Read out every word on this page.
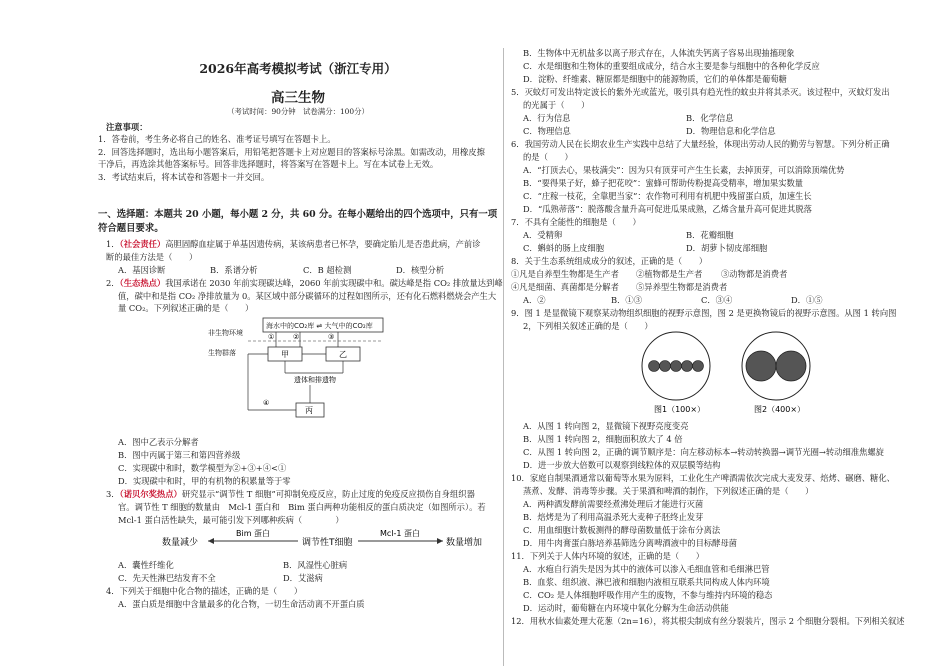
2026年高考模拟考试（浙江专用）
高三生物
（考试时间：90分钟　试卷满分：100分）
注意事项：
1．答卷前，考生务必将自己的姓名、准考证号填写在答题卡上。
2．回答选择题时，选出每小题答案后，用铅笔把答题卡上对应题目的答案标号涂黑。如需改动，用橡皮擦
干净后，再选涂其他答案标号。回答非选择题时，将答案写在答题卡上。写在本试卷上无效。
3．考试结束后，将本试卷和答题卡一并交回。
一、选择题：本题共 20 小题，每小题 2 分，共 60 分。在每小题给出的四个选项中，只有一项
符合题目要求。
1．（社会责任）高胆固醇血症属于单基因遗传病，某该病患者已怀孕，要确定胎儿是否患此病，产前诊
断的最佳方法是（　　）
A．基因诊断	B．系谱分析	C．B 超检测	D．核型分析
2．（生态热点）我国承诺在 2030 年前实现碳达峰，2060 年前实现碳中和。碳达峰是指 CO₂ 排放量达到峰
值，碳中和是指 CO₂ 净排放量为 0。某区域中部分碳循环的过程如图所示，还有化石燃料燃烧会产生大
量 CO₂。下列叙述正确的是（　　）
海水中的CO₂库 ⇌ 大气中的CO₂库
非生物环境
生物群落
①	②	③
甲	乙
遗体和排遗物
④
丙
A．图中乙表示分解者
B．图中丙属于第三和第四营养级
C．实现碳中和时，数学模型为②+③+④<①
D．实现碳中和时，甲的有机物的积累量等于零
3．（诺贝尔奖热点）研究显示“调节性 T 细胞”可抑制免疫反应，防止过度的免疫反应损伤自身组织器
官。调节性 T 细胞的数量由　Mcl-1 蛋白和　Bim 蛋白两种功能相反的蛋白质决定（如图所示）。若
Mcl-1 蛋白活性缺失，最可能引发下列哪种疾病（　　　　）
数量减少
Bim 蛋白
调节性T细胞
Mcl-1 蛋白
数量增加
A．囊性纤维化	B．风湿性心脏病
C．先天性淋巴结发育不全	D．艾滋病
4．下列关于细胞中化合物的描述，正确的是（　　）
A．蛋白质是细胞中含量最多的化合物，一切生命活动离不开蛋白质
B．生物体中无机盐多以离子形式存在，人体流失钙离子容易出现抽搐现象
C．水是细胞和生物体的重要组成成分，结合水主要是参与细胞中的各种化学反应
D．淀粉、纤维素、糖原都是细胞中的能源物质，它们的单体都是葡萄糖
5．灭蚊灯可发出特定波长的紫外光或蓝光，吸引具有趋光性的蚊虫并将其杀灭。该过程中，灭蚊灯发出
的光属于（　　）
A．行为信息	B．化学信息
C．物理信息	D．物理信息和化学信息
6．我国劳动人民在长期农业生产实践中总结了大量经验，体现出劳动人民的勤劳与智慧。下列分析正确
的是（　　）
A．“打顶去心，果枝满尖”：因为只有顶芽可产生生长素，去掉顶芽，可以消除顶端优势
B．“要得果子好，蜂子把花咬”：蜜蜂可帮助传粉提高受精率，增加果实数量
C．“庄稼一枝花，全靠肥当家”：农作物可利用有机肥中残留蛋白质，加速生长
D．“瓜熟蒂落”：脱落酸含量升高可促进瓜果成熟，乙烯含量升高可促进其脱落
7．不具有全能性的细胞是（　　）
A．受精卵	B．花瓣细胞
C．蝌蚪的肠上皮细胞	D．胡萝卜韧皮部细胞
8．关于生态系统组成成分的叙述，正确的是（　　）
①凡是自养型生物都是生产者 ②植物都是生产者 ③动物都是消费者
④凡是细菌、真菌都是分解者 ⑤异养型生物都是消费者
A．②	B．①③	C．③④	D．①⑤
9．图 1 是显微镜下观察某动物组织细胞的视野示意图，图 2 是更换物镜后的视野示意图。从图 1 转向图
2，下列相关叙述正确的是（　　）
图1（100×）	图2（400×）
A．从图 1 转向图 2，显微镜下视野亮度变亮
B．从图 1 转向图 2，细胞面积放大了 4 倍
C．从图 1 转向图 2，正确的调节顺序是：向左移动标本→转动转换器→调节光圈→转动细准焦螺旋
D．进一步放大倍数可以观察到线粒体的双层膜等结构
10．家庭自制果酒通常以葡萄等水果为原料，工业化生产啤酒需依次完成大麦发芽、焙烤、碾磨、糖化、
蒸煮、发酵、消毒等步骤。关于果酒和啤酒的制作，下列叙述正确的是（　　）
A．两种酒发酵前需要经煮沸处理后才能进行灭菌
B．焙烤是为了利用高温杀死大麦种子胚终止发芽
C．用血细胞计数板测得的酵母菌数量低于涂布分离法
D．用牛肉膏蛋白胨培养基筛选分离啤酒液中的目标酵母菌
11．下列关于人体内环境的叙述，正确的是（　　）
A．水疱自行消失是因为其中的液体可以渗入毛细血管和毛细淋巴管
B．血浆、组织液、淋巴液和细胞内液相互联系共同构成人体内环境
C．CO₂ 是人体细胞呼吸作用产生的废物，不参与维持内环境的稳态
D．运动时，葡萄糖在内环境中氧化分解为生命活动供能
12．用秋水仙素处理大花葱（2n=16），将其根尖制成有丝分裂装片，图示 2 个细胞分裂相。下列相关叙述
